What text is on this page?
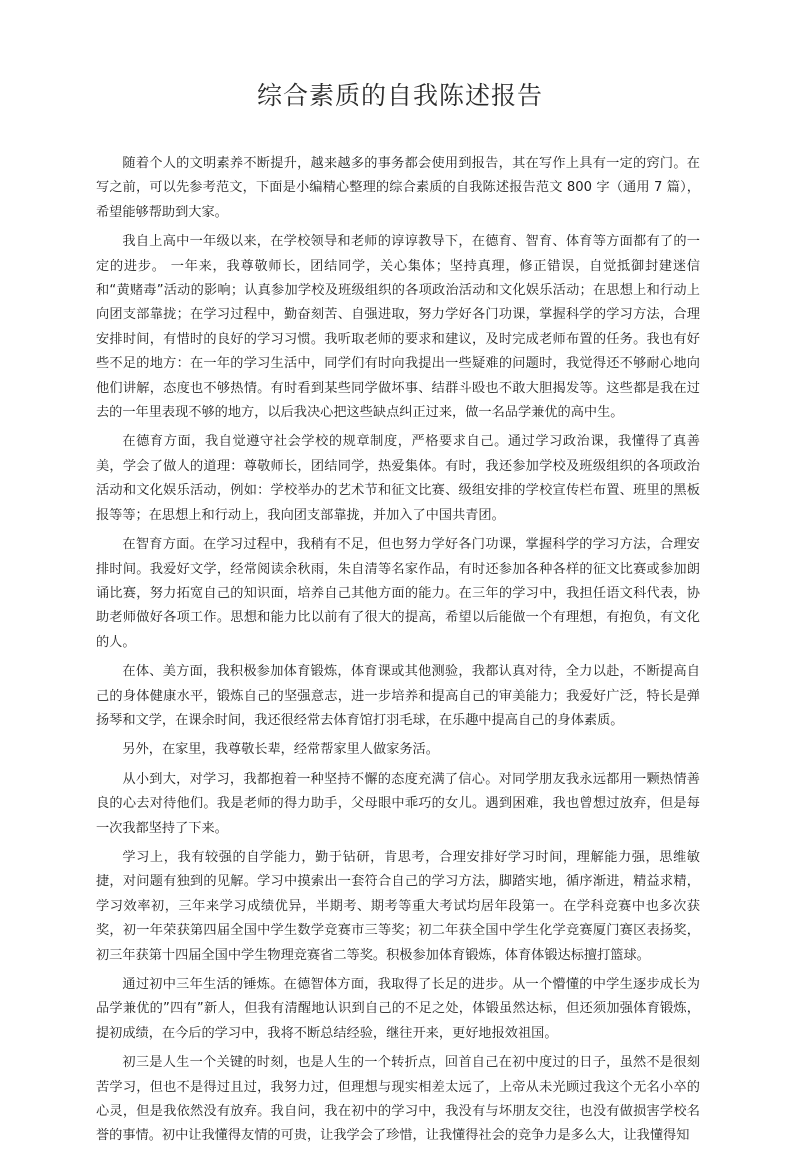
综合素质的自我陈述报告

随着个人的文明素养不断提升，越来越多的事务都会使用到报告，其在写作上具有一定的窍门。在写之前，可以先参考范文，下面是小编精心整理的综合素质的自我陈述报告范文 800 字（通用 7 篇），希望能够帮助到大家。

我自上高中一年级以来，在学校领导和老师的谆谆教导下，在德育、智育、体育等方面都有了的一定的进步。 一年来，我尊敬师长，团结同学，关心集体；坚持真理，修正错误，自觉抵御封建迷信和“黄赌毒”活动的影响；认真参加学校及班级组织的各项政治活动和文化娱乐活动；在思想上和行动上向团支部靠拢；在学习过程中，勤奋刻苦、自强进取，努力学好各门功课，掌握科学的学习方法，合理安排时间，有惜时的良好的学习习惯。我听取老师的要求和建议，及时完成老师布置的任务。我也有好些不足的地方：在一年的学习生活中，同学们有时向我提出一些疑难的问题时，我觉得还不够耐心地向他们讲解，态度也不够热情。有时看到某些同学做坏事、结群斗殴也不敢大胆揭发等。这些都是我在过去的一年里表现不够的地方，以后我决心把这些缺点纠正过来，做一名品学兼优的高中生。

在德育方面，我自觉遵守社会学校的规章制度，严格要求自己。通过学习政治课，我懂得了真善美，学会了做人的道理：尊敬师长，团结同学，热爱集体。有时，我还参加学校及班级组织的各项政治活动和文化娱乐活动，例如：学校举办的艺术节和征文比赛、级组安排的学校宣传栏布置、班里的黑板报等等；在思想上和行动上，我向团支部靠拢，并加入了中国共青团。

在智育方面。在学习过程中，我稍有不足，但也努力学好各门功课，掌握科学的学习方法，合理安排时间。我爱好文学，经常阅读余秋雨，朱自清等名家作品，有时还参加各种各样的征文比赛或参加朗诵比赛，努力拓宽自己的知识面，培养自己其他方面的能力。在三年的学习中，我担任语文科代表，协助老师做好各项工作。思想和能力比以前有了很大的提高，希望以后能做一个有理想，有抱负，有文化的人。

在体、美方面，我积极参加体育锻炼，体育课或其他测验，我都认真对待，全力以赴，不断提高自己的身体健康水平，锻炼自己的坚强意志，进一步培养和提高自己的审美能力；我爱好广泛，特长是弹扬琴和文学，在课余时间，我还很经常去体育馆打羽毛球，在乐趣中提高自己的身体素质。

另外，在家里，我尊敬长辈，经常帮家里人做家务活。

从小到大，对学习，我都抱着一种坚持不懈的态度充满了信心。对同学朋友我永远都用一颗热情善良的心去对待他们。我是老师的得力助手，父母眼中乖巧的女儿。遇到困难，我也曾想过放弃，但是每一次我都坚持了下来。

学习上，我有较强的自学能力，勤于钻研，肯思考，合理安排好学习时间，理解能力强，思维敏捷，对问题有独到的见解。学习中摸索出一套符合自己的学习方法，脚踏实地，循序渐进，精益求精，学习效率初，三年来学习成绩优异，半期考、期考等重大考试均居年段第一。在学科竞赛中也多次获奖，初一年荣获第四届全国中学生数学竞赛市三等奖；初二年获全国中学生化学竞赛厦门赛区表扬奖，初三年获第十四届全国中学生物理竞赛省二等奖。积极参加体育锻炼，体育体锻达标擅打篮球。

通过初中三年生活的锤炼。在德智体方面，我取得了长足的进步。从一个懵懂的中学生逐步成长为品学兼优的”四有”新人，但我有清醒地认识到自己的不足之处，体锻虽然达标，但还须加强体育锻炼，提初成绩，在今后的学习中，我将不断总结经验，继往开来，更好地报效祖国。

初三是人生一个关键的时刻，也是人生的一个转折点，回首自己在初中度过的日子，虽然不是很刻苦学习，但也不是得过且过，我努力过，但理想与现实相差太远了，上帝从未光顾过我这个无名小卒的心灵，但是我依然没有放弃。我自问，我在初中的学习中，我没有与坏朋友交往，也没有做损害学校名誉的事情。初中让我懂得友情的可贵，让我学会了珍惜，让我懂得社会的竞争力是多么大，让我懂得知
